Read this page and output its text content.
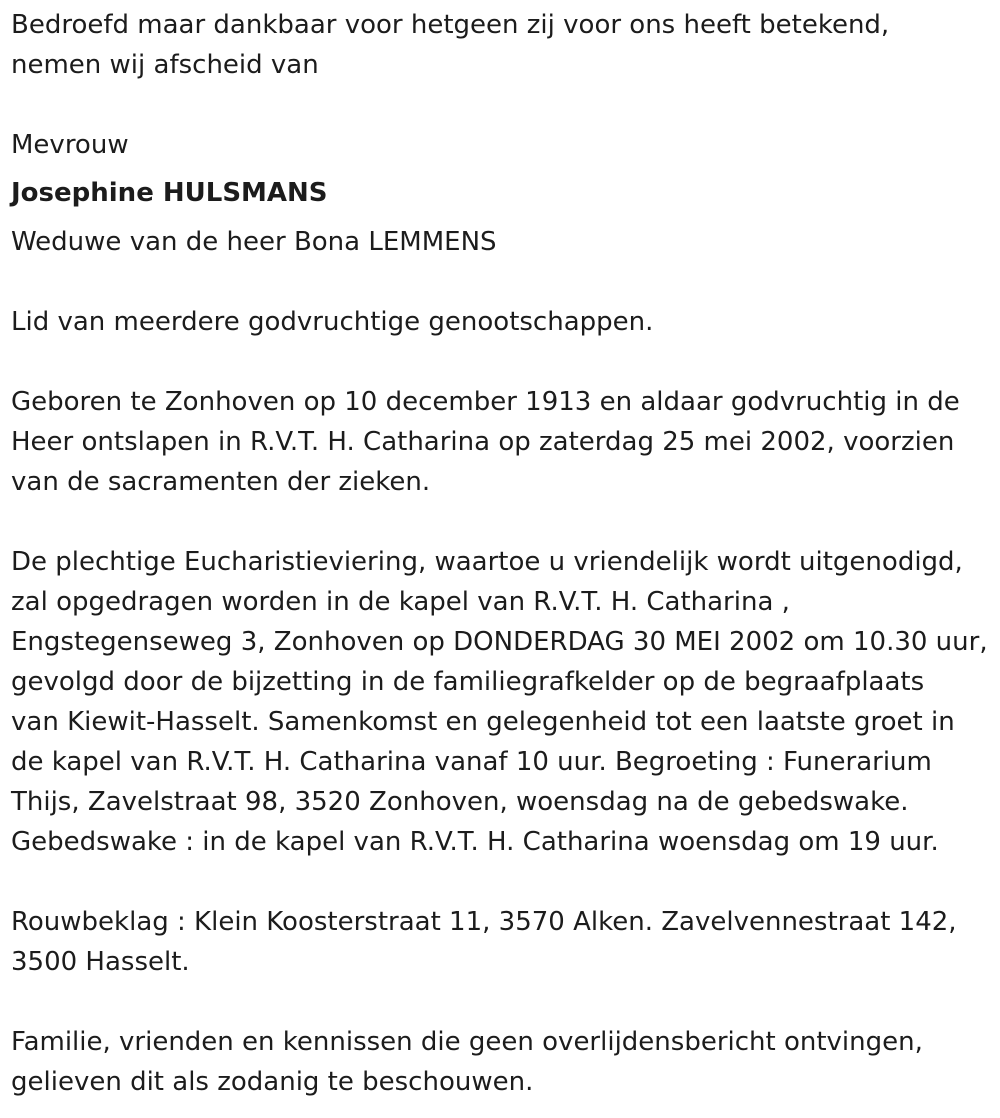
Bedroefd maar dankbaar voor hetgeen zij voor ons heeft betekend,
nemen wij afscheid van
Mevrouw
Josephine HULSMANS
Weduwe van de heer Bona LEMMENS
Lid van meerdere godvruchtige genootschappen.
Geboren te Zonhoven op 10 december 1913 en aldaar godvruchtig in de
Heer ontslapen in R.V.T. H. Catharina op zaterdag 25 mei 2002, voorzien
van de sacramenten der zieken.
De plechtige Eucharistieviering, waartoe u vriendelijk wordt uitgenodigd,
zal opgedragen worden in de kapel van R.V.T. H. Catharina ,
Engstegenseweg 3, Zonhoven op DONDERDAG 30 MEI 2002 om 10.30 uur,
gevolgd door de bijzetting in de familiegrafkelder op de begraafplaats
van Kiewit-Hasselt. Samenkomst en gelegenheid tot een laatste groet in
de kapel van R.V.T. H. Catharina vanaf 10 uur. Begroeting : Funerarium
Thijs, Zavelstraat 98, 3520 Zonhoven, woensdag na de gebedswake.
Gebedswake : in de kapel van R.V.T. H. Catharina woensdag om 19 uur.
Rouwbeklag : Klein Koosterstraat 11, 3570 Alken. Zavelvennestraat 142,
3500 Hasselt.
Familie, vrienden en kennissen die geen overlijdensbericht ontvingen,
gelieven dit als zodanig te beschouwen.
